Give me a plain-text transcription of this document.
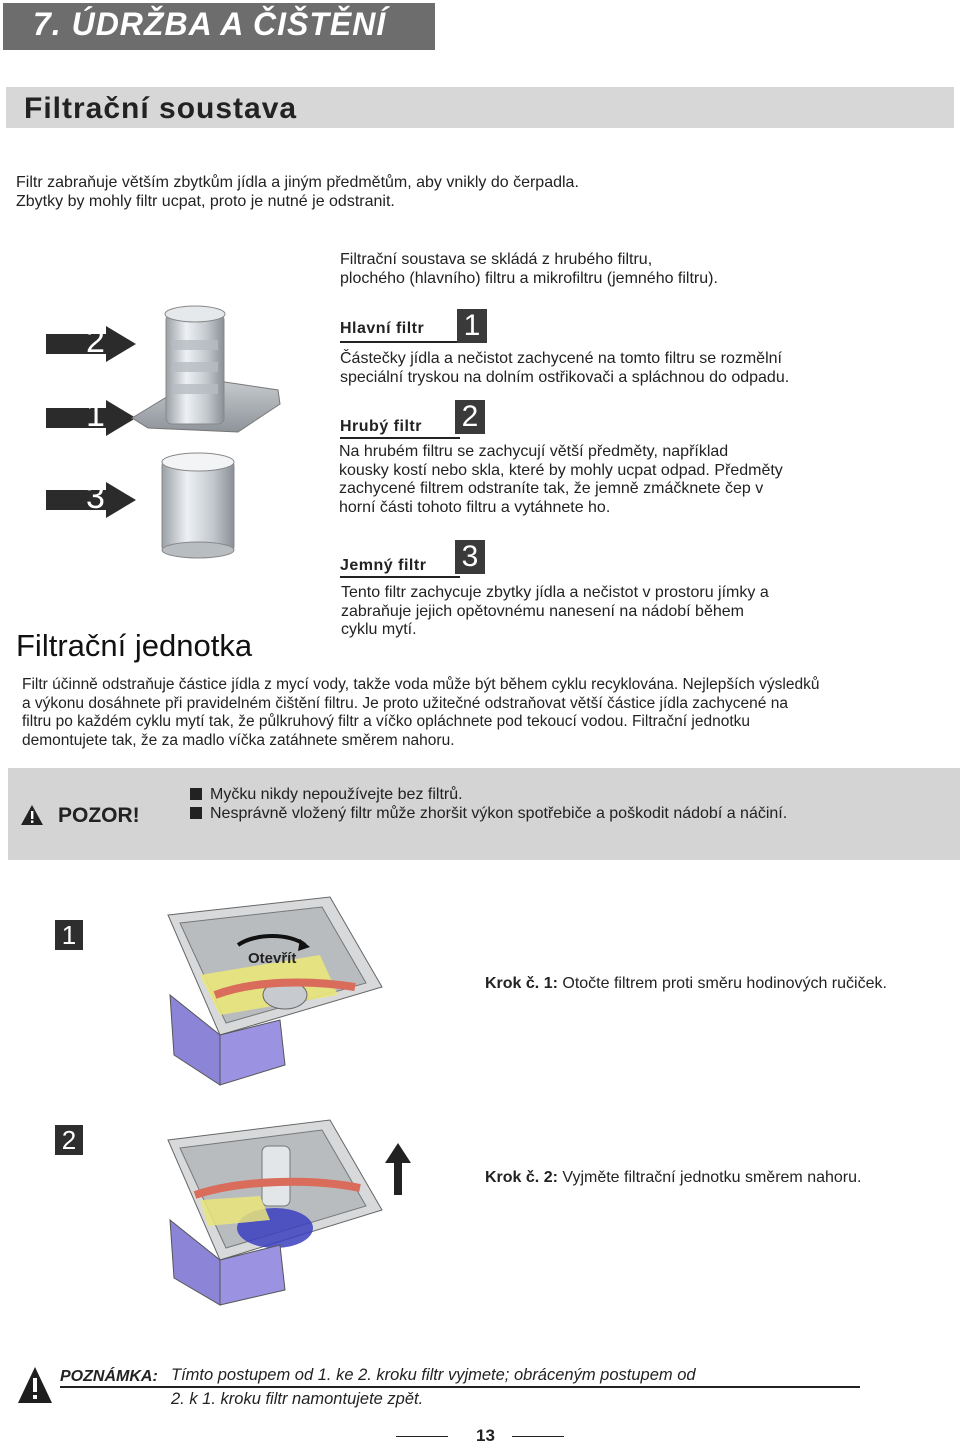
7. ÚDRŽBA A ČIŠTĚNÍ
Filtrační soustava
Filtr zabraňuje větším zbytkům jídla a jiným předmětům, aby vnikly do čerpadla.
Zbytky by mohly filtr ucpat, proto je nutné je odstranit.
Filtrační soustava se skládá z hrubého filtru,
plochého (hlavního) filtru a mikrofiltru (jemného filtru).
2
1
3
Hlavní filtr	1
Částečky jídla a nečistot zachycené na tomto filtru se rozmělní
speciální tryskou na dolním ostřikovači a spláchnou do odpadu.
Hrubý filtr	2
Na hrubém filtru se zachycují větší předměty, například
kousky kostí nebo skla, které by mohly ucpat odpad. Předměty
zachycené filtrem odstraníte tak, že jemně zmáčknete čep v
horní části tohoto filtru a vytáhnete ho.
Jemný filtr	3
Tento filtr zachycuje zbytky jídla a nečistot v prostoru jímky a
zabraňuje jejich opětovnému nanesení na nádobí během
cyklu mytí.
Filtrační jednotka
Filtr účinně odstraňuje částice jídla z mycí vody, takže voda může být během cyklu recyklována. Nejlepších výsledků
a výkonu dosáhnete při pravidelném čištění filtru. Je proto užitečné odstraňovat větší částice jídla zachycené na
filtru po každém cyklu mytí tak, že půlkruhový filtr a víčko opláchnete pod tekoucí vodou. Filtrační jednotku
demontujete tak, že za madlo víčka zatáhnete směrem nahoru.
POZOR!
Myčku nikdy nepoužívejte bez filtrů.
Nesprávně vložený filtr může zhoršit výkon spotřebiče a poškodit nádobí a náčiní.
1
Otevřít
Krok č. 1: Otočte filtrem proti směru hodinových ručiček.
2
Krok č. 2: Vyjměte filtrační jednotku směrem nahoru.
POZNÁMKA: Tímto postupem od 1. ke 2. kroku filtr vyjmete; obráceným postupem od
2. k 1. kroku filtr namontujete zpět.
13
